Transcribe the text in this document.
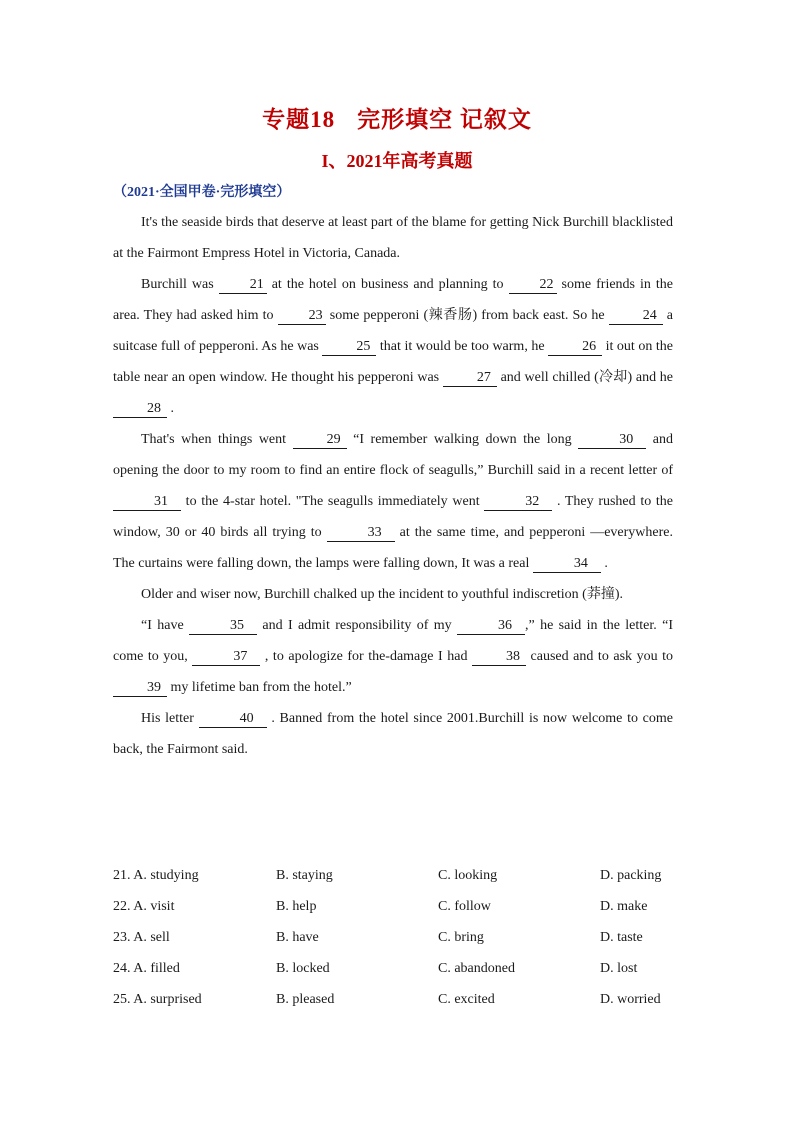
专题18 完形填空 记叙文
I、2021年高考真题
（2021·全国甲卷·完形填空）

It's the seaside birds that deserve at least part of the blame for getting Nick Burchill blacklisted at the Fairmont Empress Hotel in Victoria, Canada.

Burchill was 21 at the hotel on business and planning to 22 some friends in the area. They had asked him to 23 some pepperoni (辣香肠) from back east. So he 24 a suitcase full of pepperoni. As he was 25 that it would be too warm, he 26 it out on the table near an open window. He thought his pepperoni was 27 and well chilled (冷却) and he 28 .

That's when things went 29 “I remember walking down the long	30 and opening the door to my room to find an entire flock of seagulls,” Burchill said in a recent letter of 31 to the 4-star hotel. "The seagulls immediately went	32 . They rushed to the window, 30 or 40 birds all trying to	33 at the same time, and pepperoni —everywhere. The curtains were falling down, the lamps were falling down, It was a real	34 .

Older and wiser now, Burchill chalked up the incident to youthful indiscretion (莽撞).

“I have	35 and I admit responsibility of my	36 ,” he said in the letter. “I come to you,	37 , to apologize for the-damage I had 38 caused and to ask you to 39 my lifetime ban from the hotel.”

His letter	40 . Banned from the hotel since 2001.Burchill is now welcome to come back, the Fairmont said.

21. A. studying	B. staying	C. looking	D. packing
22. A. visit	B. help	C. follow	D. make
23. A. sell	B. have	C. bring	D. taste
24. A. filled	B. locked	C. abandoned	D. lost
25. A. surprised	B. pleased	C. excited	D. worried
